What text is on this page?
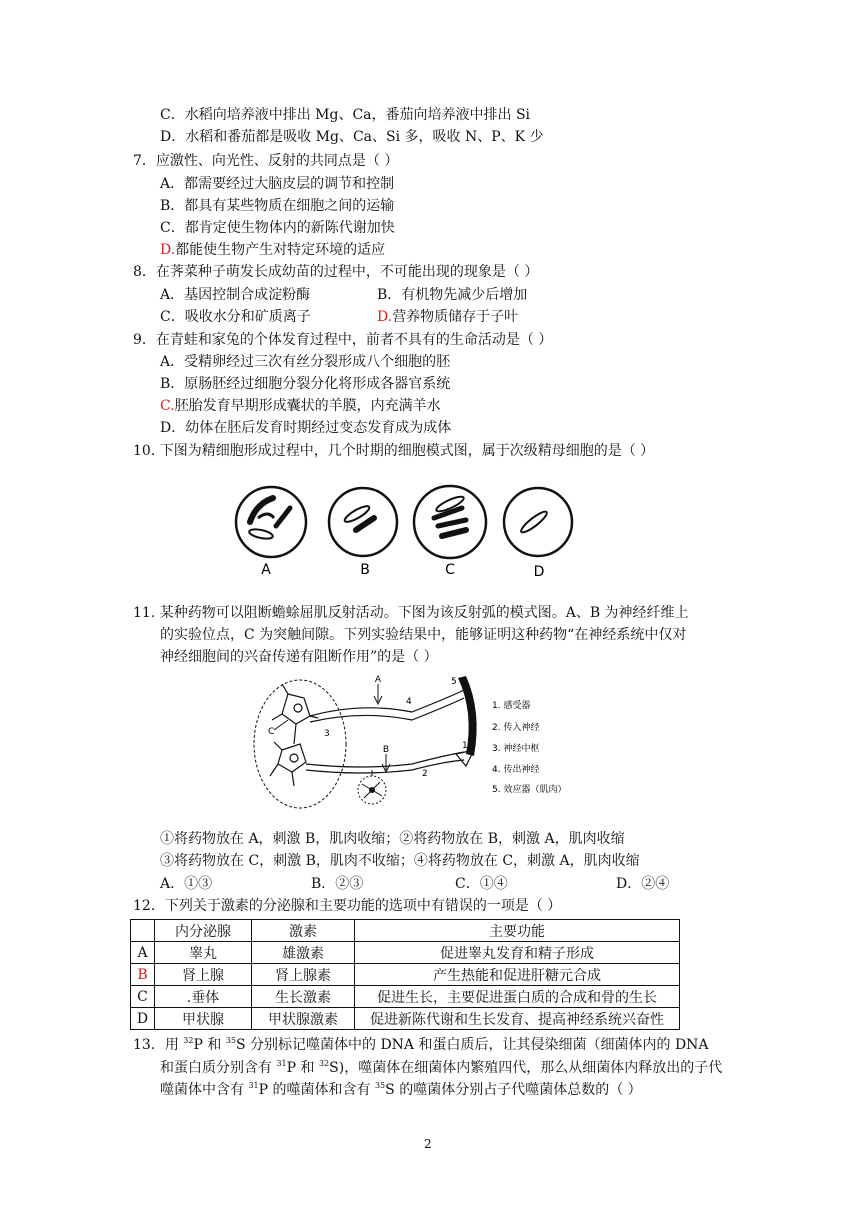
C．水稻向培养液中排出 Mg、Ca，番茄向培养液中排出 Si
D．水稻和番茄都是吸收 Mg、Ca、Si 多，吸收 N、P、K 少
7．应激性、向光性、反射的共同点是（ ）
A．都需要经过大脑皮层的调节和控制
B．都具有某些物质在细胞之间的运输
C．都肯定使生物体内的新陈代谢加快
D.都能使生物产生对特定环境的适应
8．在荠菜种子萌发长成幼苗的过程中，不可能出现的现象是（ ）
A．基因控制合成淀粉酶	B．有机物先减少后增加
C．吸收水分和矿质离子	D.营养物质储存于子叶
9．在青蛙和家兔的个体发育过程中，前者不具有的生命活动是（ ）
A．受精卵经过三次有丝分裂形成八个细胞的胚
B．原肠胚经过细胞分裂分化将形成各器官系统
C.胚胎发育早期形成囊状的羊膜，内充满羊水
D．幼体在胚后发育时期经过变态发育成为成体
10. 下图为精细胞形成过程中，几个时期的细胞模式图，属于次级精母细胞的是（ ）
A	B	C	D
11. 某种药物可以阻断蟾蜍屈肌反射活动。下图为该反射弧的模式图。A、B 为神经纤维上
的实验位点，C 为突触间隙。下列实验结果中，能够证明这种药物“在神经系统中仅对
神经细胞间的兴奋传递有阻断作用”的是（ ）
A
B
C	3
4
5
2
1
1. 感受器
2. 传入神经
3. 神经中枢
4. 传出神经
5. 效应器（肌肉）
①将药物放在 A，刺激 B，肌肉收缩；②将药物放在 B，刺激 A，肌肉收缩
③将药物放在 C，刺激 B，肌肉不收缩；④将药物放在 C，刺激 A，肌肉收缩
A．①③	B．②③	C．①④	D．②④
12．下列关于激素的分泌腺和主要功能的选项中有错误的一项是（ ）
	内分泌腺	激素	主要功能
A	睾丸	雄激素	促进睾丸发育和精子形成
B	肾上腺	肾上腺素	产生热能和促进肝糖元合成
C	.垂体	生长激素	促进生长，主要促进蛋白质的合成和骨的生长
D	甲状腺	甲状腺激素	促进新陈代谢和生长发育、提高神经系统兴奋性
13．用 $^{32}$P 和 $^{35}$S 分别标记噬菌体中的 DNA 和蛋白质后，让其侵染细菌（细菌体内的 DNA
和蛋白质分别含有 $^{31}$P 和 $^{32}$S)，噬菌体在细菌体内繁殖四代，那么从细菌体内释放出的子代
噬菌体中含有 $^{31}$P 的噬菌体和含有 $^{35}$S 的噬菌体分别占子代噬菌体总数的（ ）
2
